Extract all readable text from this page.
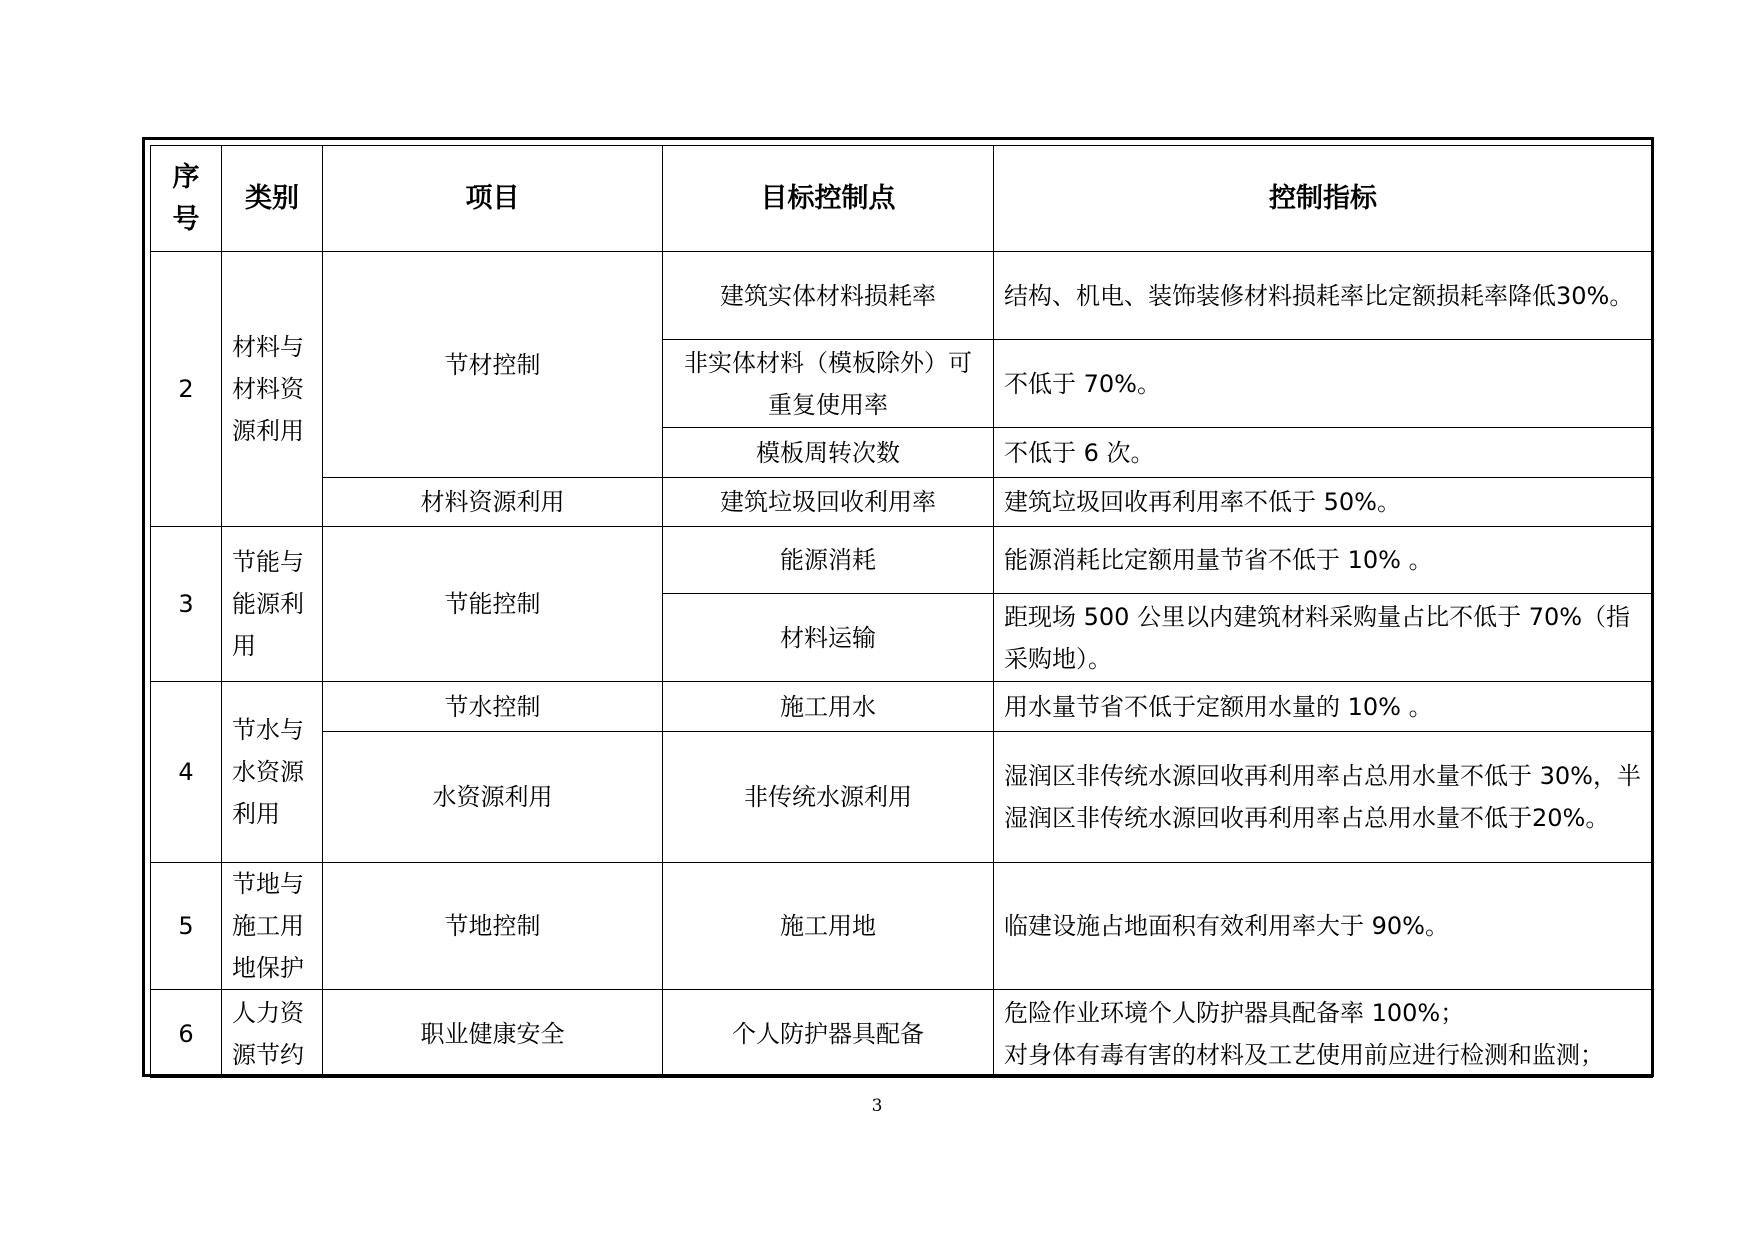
序号	类别	项目	目标控制点	控制指标
2	材料与材料资源利用	节材控制	建筑实体材料损耗率	结构、机电、装饰装修材料损耗率比定额损耗率降低30%。
			非实体材料（模板除外）可重复使用率	不低于 70%。
			模板周转次数	不低于 6 次。
		材料资源利用	建筑垃圾回收利用率	建筑垃圾回收再利用率不低于 50%。
3	节能与能源利用	节能控制	能源消耗	能源消耗比定额用量节省不低于 10% 。
			材料运输	距现场 500 公里以内建筑材料采购量占比不低于 70%（指采购地）。
4	节水与水资源利用	节水控制	施工用水	用水量节省不低于定额用水量的 10% 。
		水资源利用	非传统水源利用	湿润区非传统水源回收再利用率占总用水量不低于 30%，半湿润区非传统水源回收再利用率占总用水量不低于20%。
5	节地与施工用地保护	节地控制	施工用地	临建设施占地面积有效利用率大于 90%。
6	人力资源节约	职业健康安全	个人防护器具配备	危险作业环境个人防护器具配备率 100%；
对身体有毒有害的材料及工艺使用前应进行检测和监测；
3
